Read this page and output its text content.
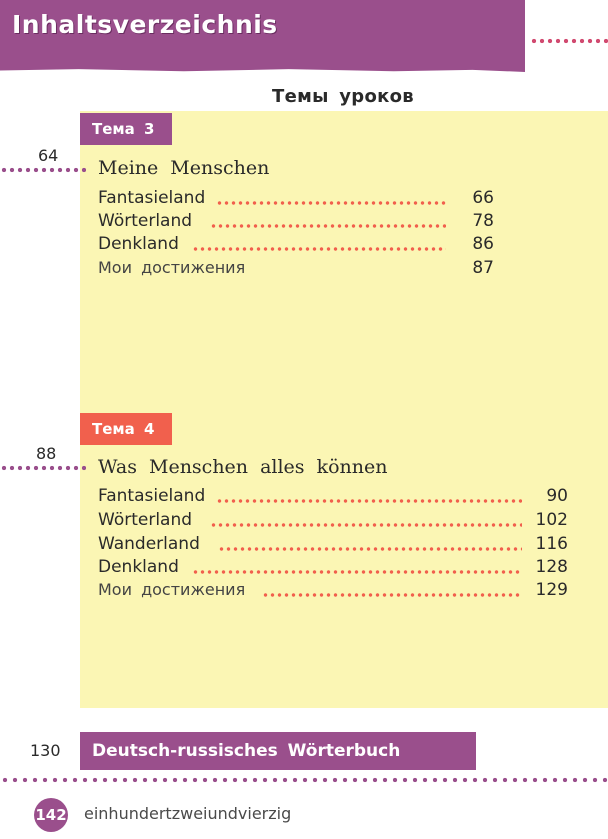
Inhaltsverzeichnis
Темы уроков
Тема 3
64
Meine Menschen
Fantasieland	66
Wörterland	78
Denkland	86
Мои достижения	87
Тема 4
88
Was Menschen alles können
Fantasieland	90
Wörterland	102
Wanderland	116
Denkland	128
Мои достижения	129
130	Deutsch-russisches Wörterbuch
142 einhundertzweiundvierzig
